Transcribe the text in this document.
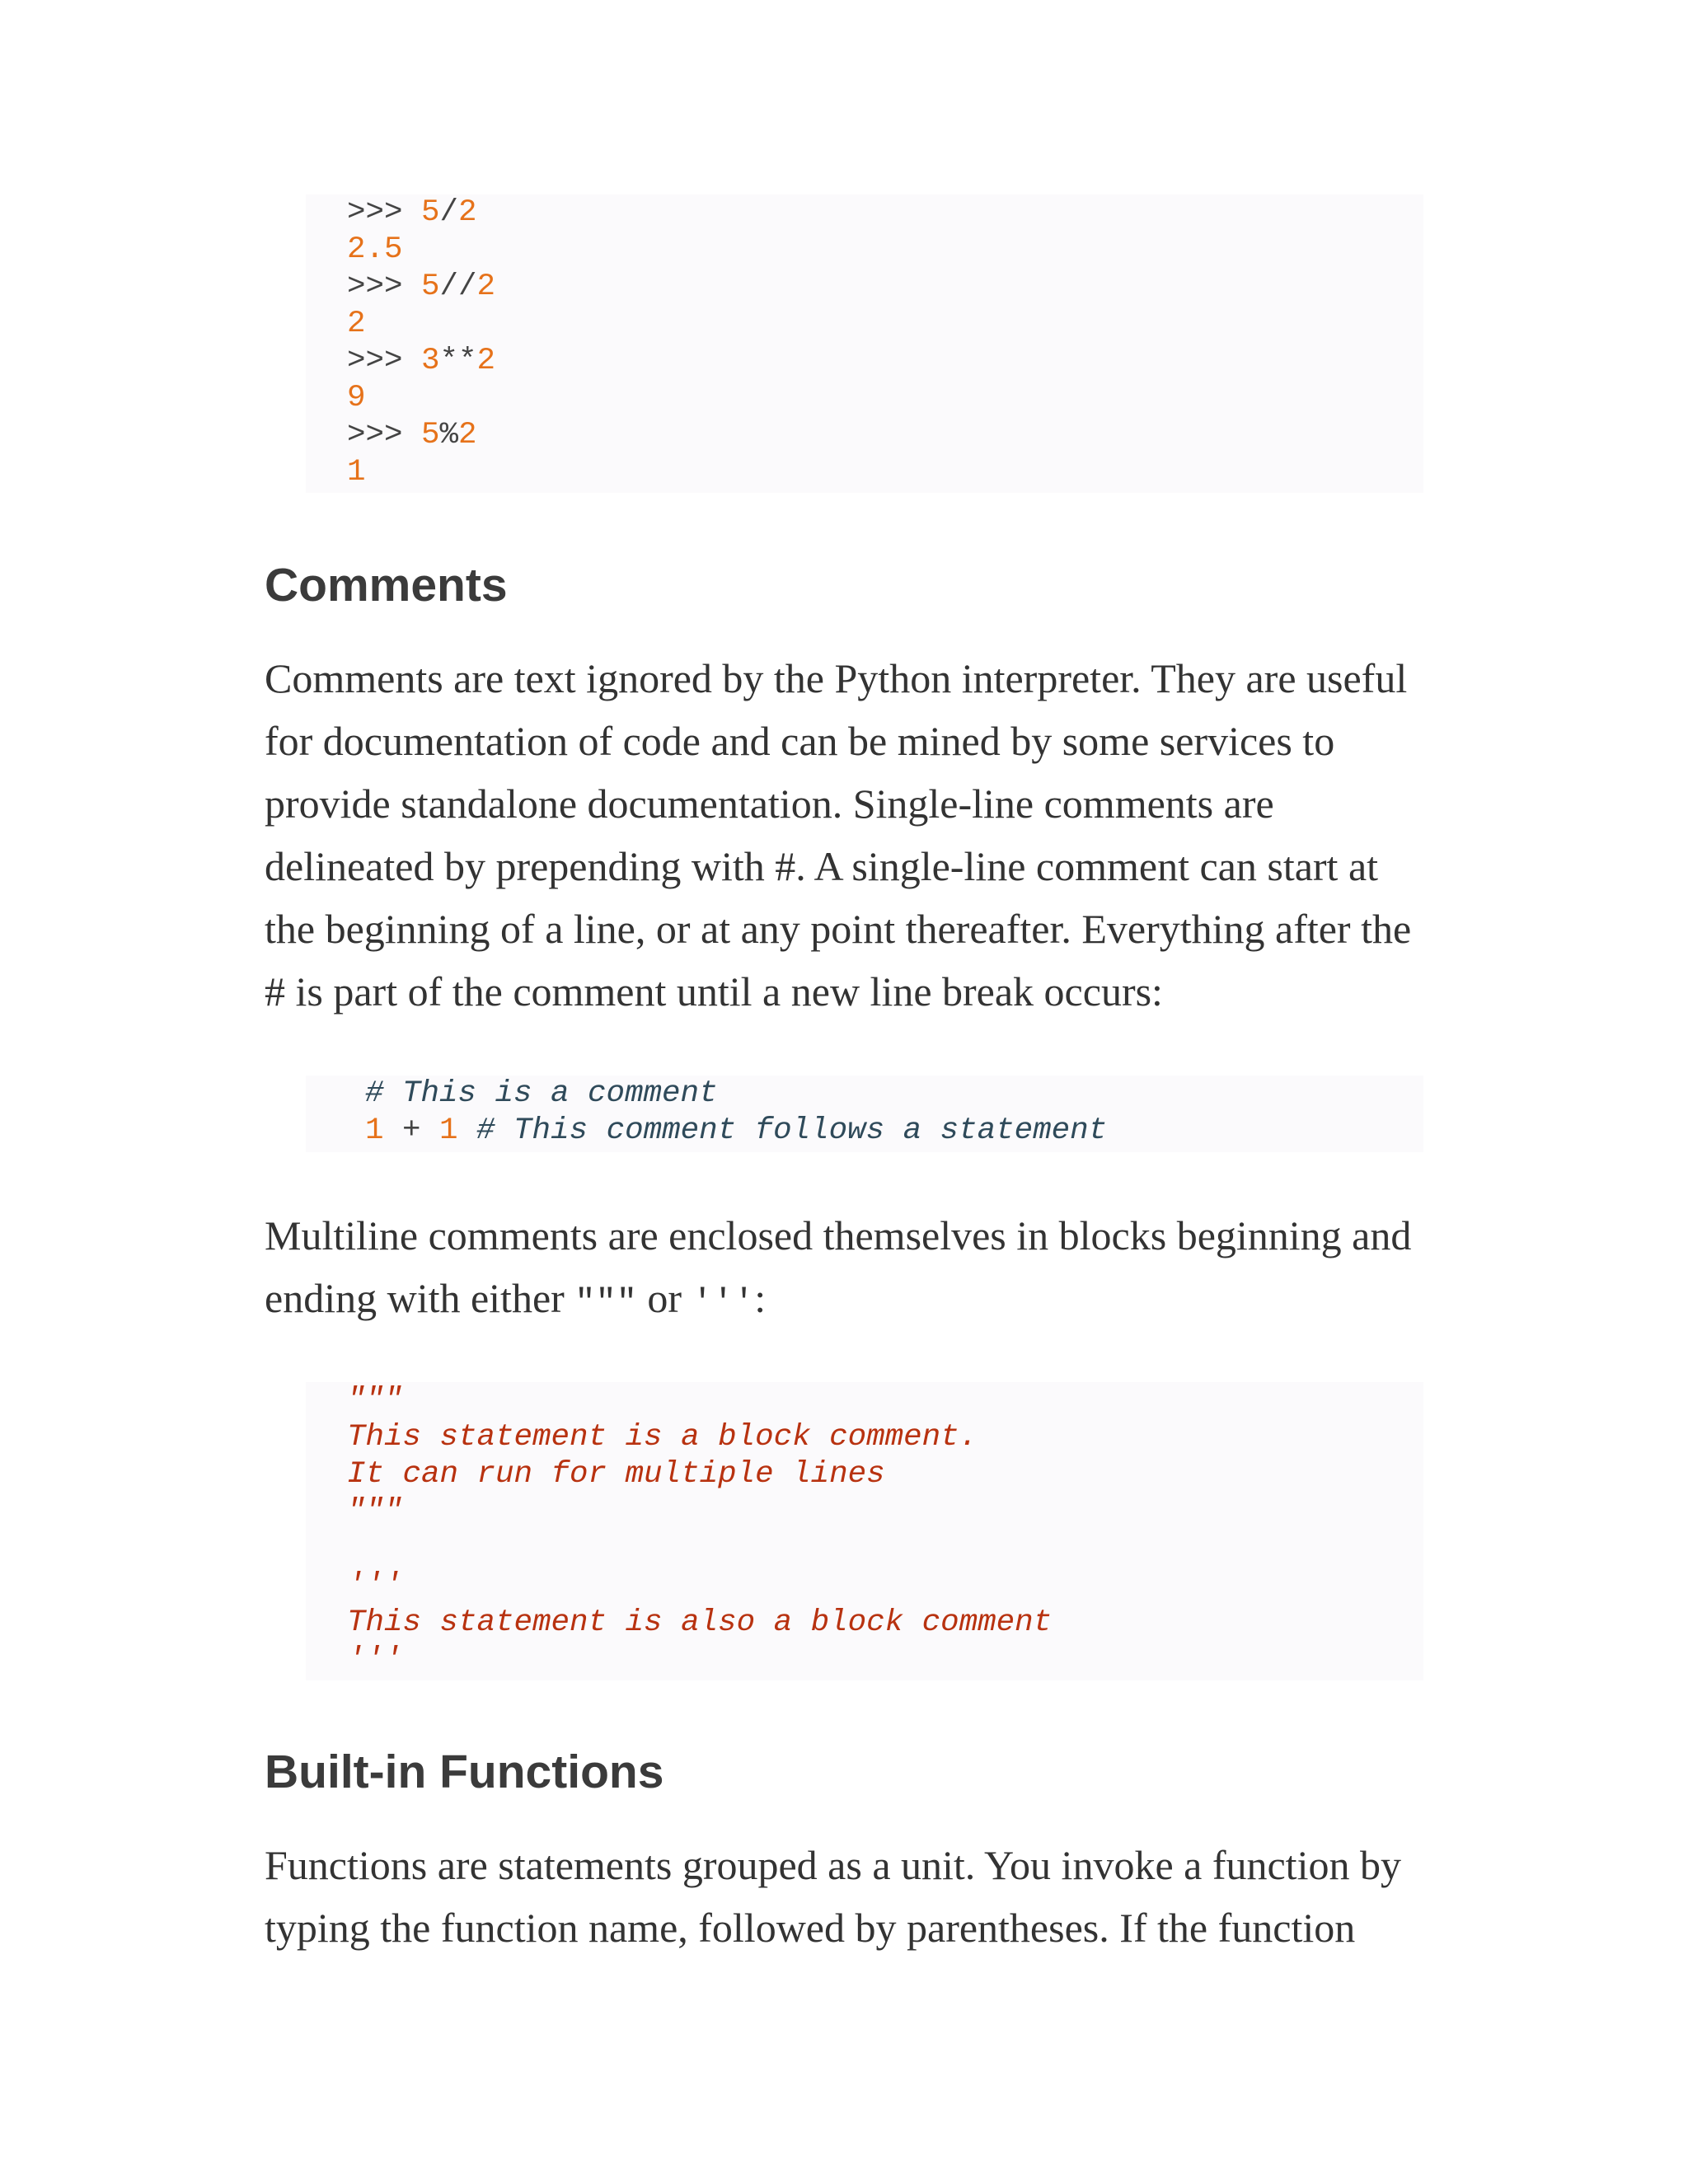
>>> 5/2
2.5
>>> 5//2
2
>>> 3**2
9
>>> 5%2
1
Comments
Comments are text ignored by the Python interpreter. They are useful
for documentation of code and can be mined by some services to
provide standalone documentation. Single-line comments are
delineated by prepending with #. A single-line comment can start at
the beginning of a line, or at any point thereafter. Everything after the
# is part of the comment until a new line break occurs:
# This is a comment
1 + 1 # This comment follows a statement
Multiline comments are enclosed themselves in blocks beginning and
ending with either """ or ''':
"""
This statement is a block comment.
It can run for multiple lines
"""
'''
This statement is also a block comment
'''
Built-in Functions
Functions are statements grouped as a unit. You invoke a function by
typing the function name, followed by parentheses. If the function
